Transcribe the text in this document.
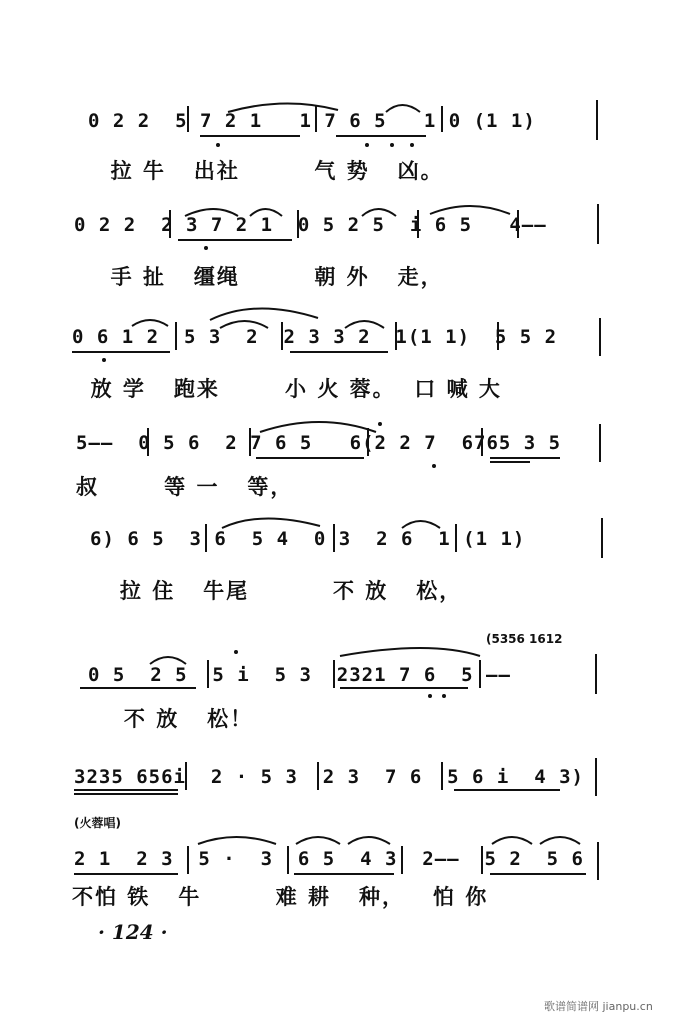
0 2 2  5 7 2 1   1 7 6 5   1 0 (1 1)
拉 牛   出社        气 势   凶。
0 2 2  2 3 7 2 1  0 5 2 5  i 6 5   4——
手 扯   缰绳        朝 外   走，
0 6 1 2  5 3  2  2 3 3 2  1(1 1)  5 5 2
放 学   跑来       小 火 蓉。  口 喊 大
5——  0 5 6  2 7 6 5   6(2 2 7  6765 3 5
叔       等 一   等，
6) 6 5  3 6  5 4  0 3  2 6  1 (1 1)
拉 住   牛尾         不 放   松，
(5356 1612
0 5  2 5  5 i  5 3  2321 7 6  5 ——
不 放   松！
3235 656i  2 · 5 3  2 3  7 6  5 6 i  4 3)
(火蓉唱)
2 1  2 3  5 ·  3  6 5  4 3  2——  5 2  5 6
不怕 铁   牛        难 耕   种，   怕 你
· 124 ·
歌谱简谱网 jianpu.cn
